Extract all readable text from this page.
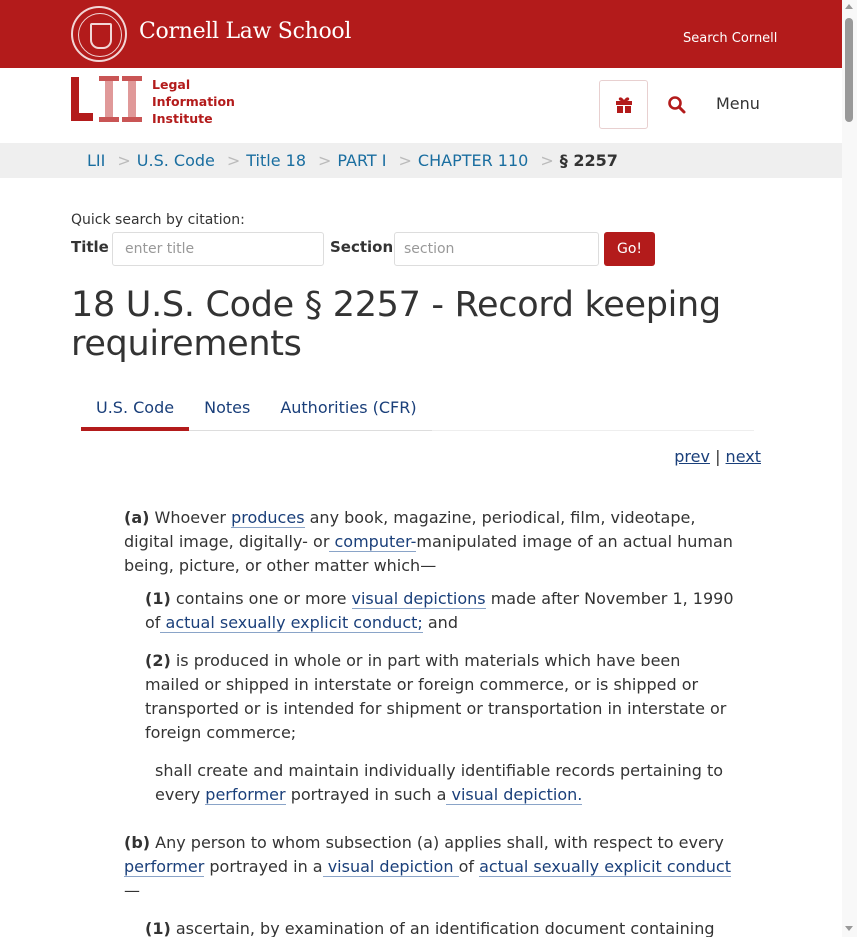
Cornell Law School	Search Cornell
Legal
Information
Institute
Menu
LII > U.S. Code > Title 18 > PART I > CHAPTER 110 > § 2257
Quick search by citation:
Title
enter title	Section
section	Go!
18 U.S. Code § 2257 - Record keeping requirements
U.S. Code	Notes	Authorities (CFR)
prev | next

(a) Whoever produces any book, magazine, periodical, film, videotape, digital image, digitally- or computer-manipulated image of an actual human being, picture, or other matter which—

(1) contains one or more visual depictions made after November 1, 1990 of actual sexually explicit conduct; and

(2) is produced in whole or in part with materials which have been mailed or shipped in interstate or foreign commerce, or is shipped or transported or is intended for shipment or transportation in interstate or foreign commerce;

shall create and maintain individually identifiable records pertaining to every performer portrayed in such a visual depiction.

(b) Any person to whom subsection (a) applies shall, with respect to every performer portrayed in a visual depiction of actual sexually explicit conduct —

(1) ascertain, by examination of an identification document containing
